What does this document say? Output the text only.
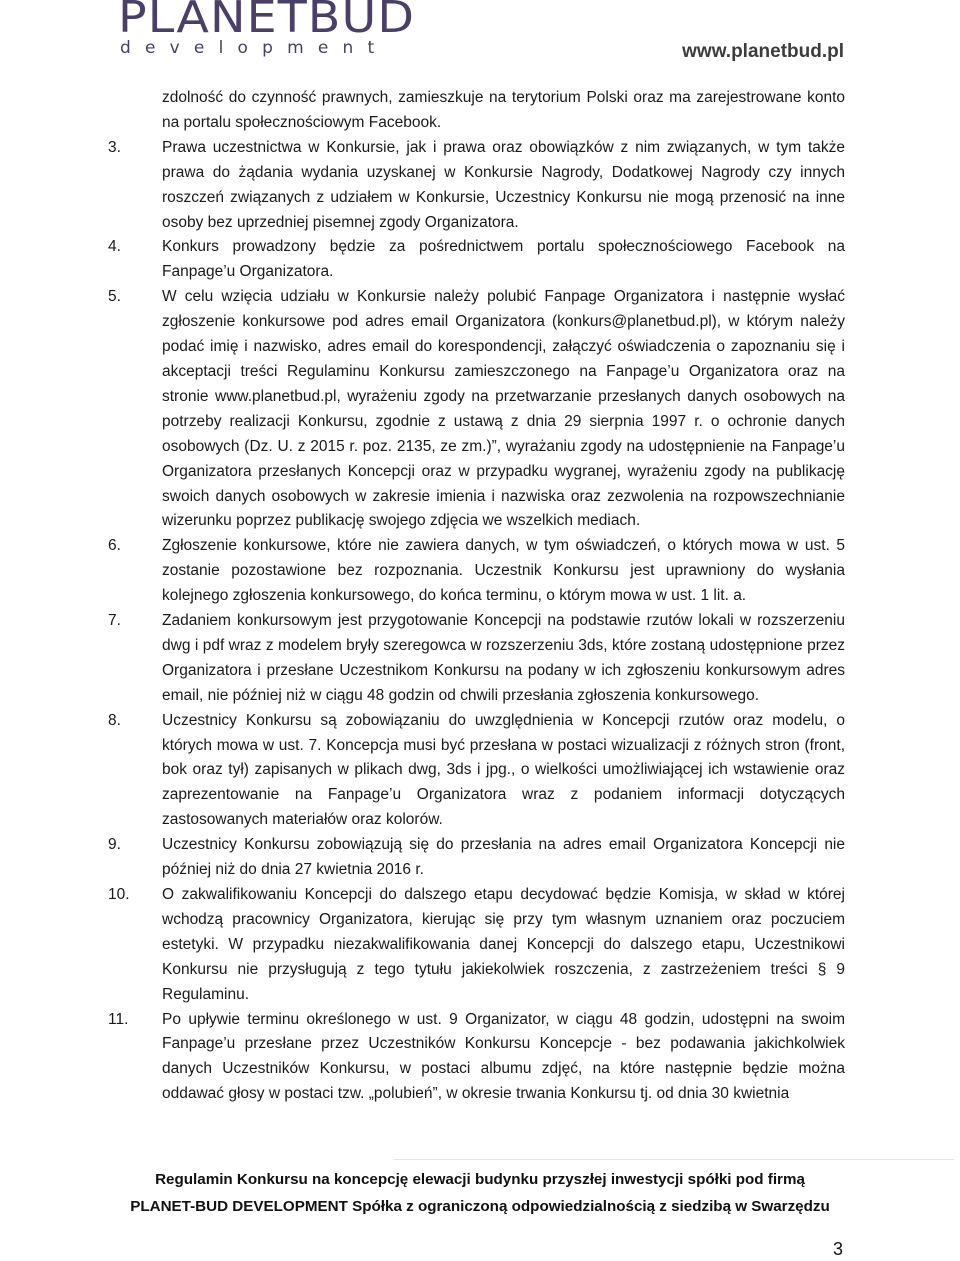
PLANETBUD
development	www.planetbud.pl
zdolność do czynność prawnych, zamieszkuje na terytorium Polski oraz ma zarejestrowane konto na portalu społecznościowym Facebook.
3.	Prawa uczestnictwa w Konkursie, jak i prawa oraz obowiązków z nim związanych, w tym także prawa do żądania wydania uzyskanej w Konkursie Nagrody, Dodatkowej Nagrody czy innych roszczeń związanych z udziałem w Konkursie, Uczestnicy Konkursu nie mogą przenosić na inne osoby bez uprzedniej pisemnej zgody Organizatora.
4.	Konkurs prowadzony będzie za pośrednictwem portalu społecznościowego Facebook na Fanpage’u Organizatora.
5.	W celu wzięcia udziału w Konkursie należy polubić Fanpage Organizatora i następnie wysłać zgłoszenie konkursowe pod adres email Organizatora (konkurs@planetbud.pl), w którym należy podać imię i nazwisko, adres email do korespondencji, załączyć oświadczenia o zapoznaniu się i akceptacji treści Regulaminu Konkursu zamieszczonego na Fanpage’u Organizatora oraz na stronie www.planetbud.pl, wyrażeniu zgody na przetwarzanie przesłanych danych osobowych na potrzeby realizacji Konkursu, zgodnie z ustawą z dnia 29 sierpnia 1997 r. o ochronie danych osobowych (Dz. U. z 2015 r. poz. 2135, ze zm.)”, wyrażaniu zgody na udostępnienie na Fanpage’u Organizatora przesłanych Koncepcji oraz w przypadku wygranej, wyrażeniu zgody na publikację swoich danych osobowych w zakresie imienia i nazwiska oraz zezwolenia na rozpowszechnianie wizerunku poprzez publikację swojego zdjęcia we wszelkich mediach.
6.	Zgłoszenie konkursowe, które nie zawiera danych, w tym oświadczeń, o których mowa w ust. 5 zostanie pozostawione bez rozpoznania. Uczestnik Konkursu jest uprawniony do wysłania kolejnego zgłoszenia konkursowego, do końca terminu, o którym mowa w ust. 1 lit. a.
7.	Zadaniem konkursowym jest przygotowanie Koncepcji na podstawie rzutów lokali w rozszerzeniu dwg i pdf wraz z modelem bryły szeregowca w rozszerzeniu 3ds, które zostaną udostępnione przez Organizatora i przesłane Uczestnikom Konkursu na podany w ich zgłoszeniu konkursowym adres email, nie później niż w ciągu 48 godzin od chwili przesłania zgłoszenia konkursowego.
8.	Uczestnicy Konkursu są zobowiązaniu do uwzględnienia w Koncepcji rzutów oraz modelu, o których mowa w ust. 7. Koncepcja musi być przesłana w postaci wizualizacji z różnych stron (front, bok oraz tył) zapisanych w plikach dwg, 3ds i jpg., o wielkości umożliwiającej ich wstawienie oraz zaprezentowanie na Fanpage’u Organizatora wraz z podaniem informacji dotyczących zastosowanych materiałów oraz kolorów.
9.	Uczestnicy Konkursu zobowiązują się do przesłania na adres email Organizatora Koncepcji nie później niż do dnia 27 kwietnia 2016 r.
10. O zakwalifikowaniu Koncepcji do dalszego etapu decydować będzie Komisja, w skład w której wchodzą pracownicy Organizatora, kierując się przy tym własnym uznaniem oraz poczuciem estetyki. W przypadku niezakwalifikowania danej Koncepcji do dalszego etapu, Uczestnikowi Konkursu nie przysługują z tego tytułu jakiekolwiek roszczenia, z zastrzeżeniem treści § 9 Regulaminu.
11. Po upływie terminu określonego w ust. 9 Organizator, w ciągu 48 godzin, udostępni na swoim Fanpage’u przesłane przez Uczestników Konkursu Koncepcje - bez podawania jakichkolwiek danych Uczestników Konkursu, w postaci albumu zdjęć, na które następnie będzie można oddawać głosy w postaci tzw. „polubień”, w okresie trwania Konkursu tj. od dnia 30 kwietnia
Regulamin Konkursu na koncepcję elewacji budynku przyszłej inwestycji spółki pod firmą
PLANET-BUD DEVELOPMENT Spółka z ograniczoną odpowiedzialnością z siedzibą w Swarzędzu
3
